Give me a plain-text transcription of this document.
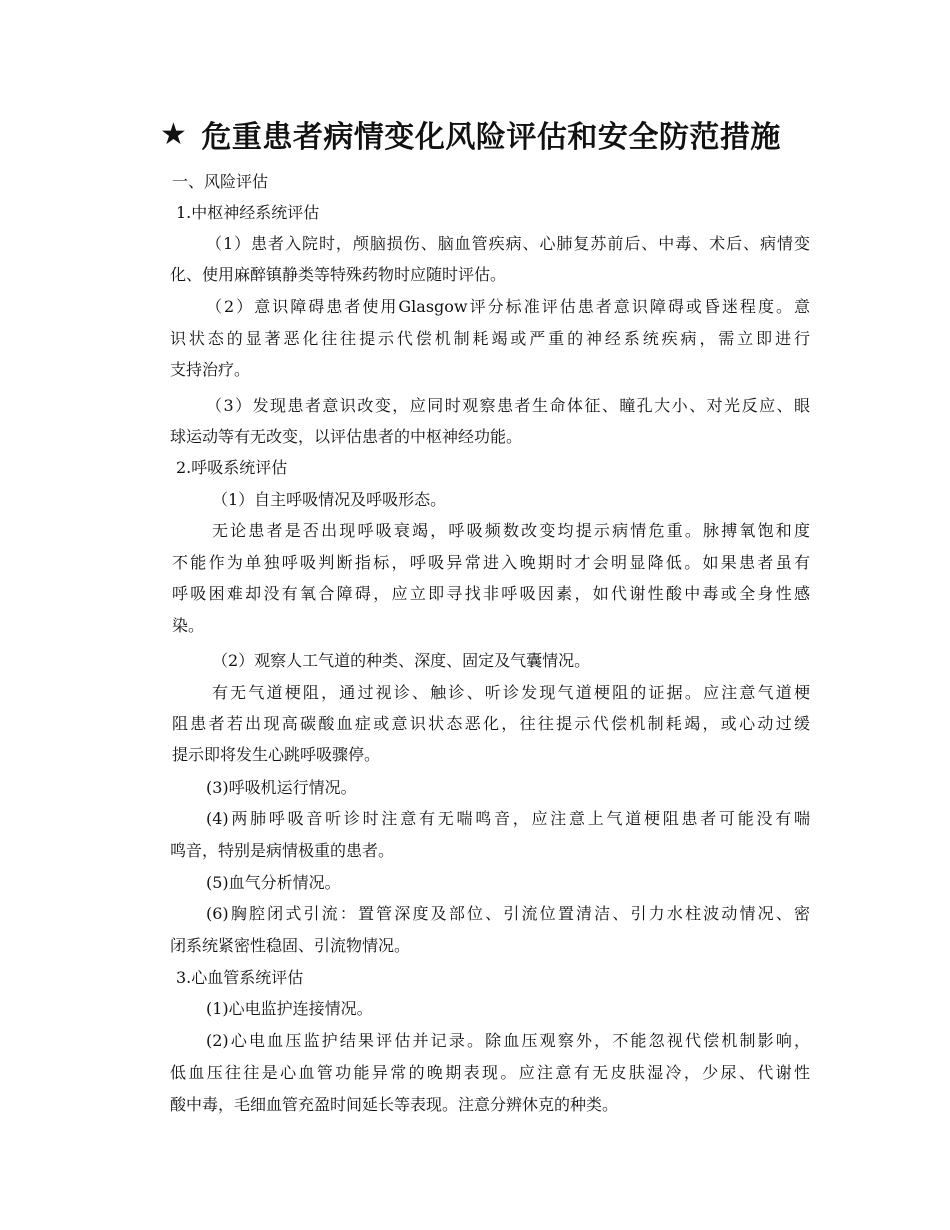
★ 危重患者病情变化风险评估和安全防范措施
一、风险评估
1.中枢神经系统评估
（1）患者入院时，颅脑损伤、脑血管疾病、心肺复苏前后、中毒、术后、病情变
化、使用麻醉镇静类等特殊药物时应随时评估。
（2）意识障碍患者使用Glasgow评分标准评估患者意识障碍或昏迷程度。意
识状态的显著恶化往往提示代偿机制耗竭或严重的神经系统疾病，需立即进行
支持治疗。
（3）发现患者意识改变，应同时观察患者生命体征、瞳孔大小、对光反应、眼
球运动等有无改变，以评估患者的中枢神经功能。
2.呼吸系统评估
（1）自主呼吸情况及呼吸形态。
无论患者是否出现呼吸衰竭，呼吸频数改变均提示病情危重。脉搏氧饱和度
不能作为单独呼吸判断指标，呼吸异常进入晚期时才会明显降低。如果患者虽有
呼吸困难却没有氧合障碍，应立即寻找非呼吸因素，如代谢性酸中毒或全身性感
染。
（2）观察人工气道的种类、深度、固定及气囊情况。
有无气道梗阻，通过视诊、触诊、听诊发现气道梗阻的证据。应注意气道梗
阻患者若出现高碳酸血症或意识状态恶化，往往提示代偿机制耗竭，或心动过缓
提示即将发生心跳呼吸骤停。
(3)呼吸机运行情况。
(4)两肺呼吸音听诊时注意有无喘鸣音，应注意上气道梗阻患者可能没有喘
鸣音，特别是病情极重的患者。
(5)血气分析情况。
(6)胸腔闭式引流：置管深度及部位、引流位置清洁、引力水柱波动情况、密
闭系统紧密性稳固、引流物情况。
3.心血管系统评估
(1)心电监护连接情况。
(2)心电血压监护结果评估并记录。除血压观察外，不能忽视代偿机制影响，
低血压往往是心血管功能异常的晚期表现。应注意有无皮肤湿冷，少尿、代谢性
酸中毒，毛细血管充盈时间延长等表现。注意分辨休克的种类。
